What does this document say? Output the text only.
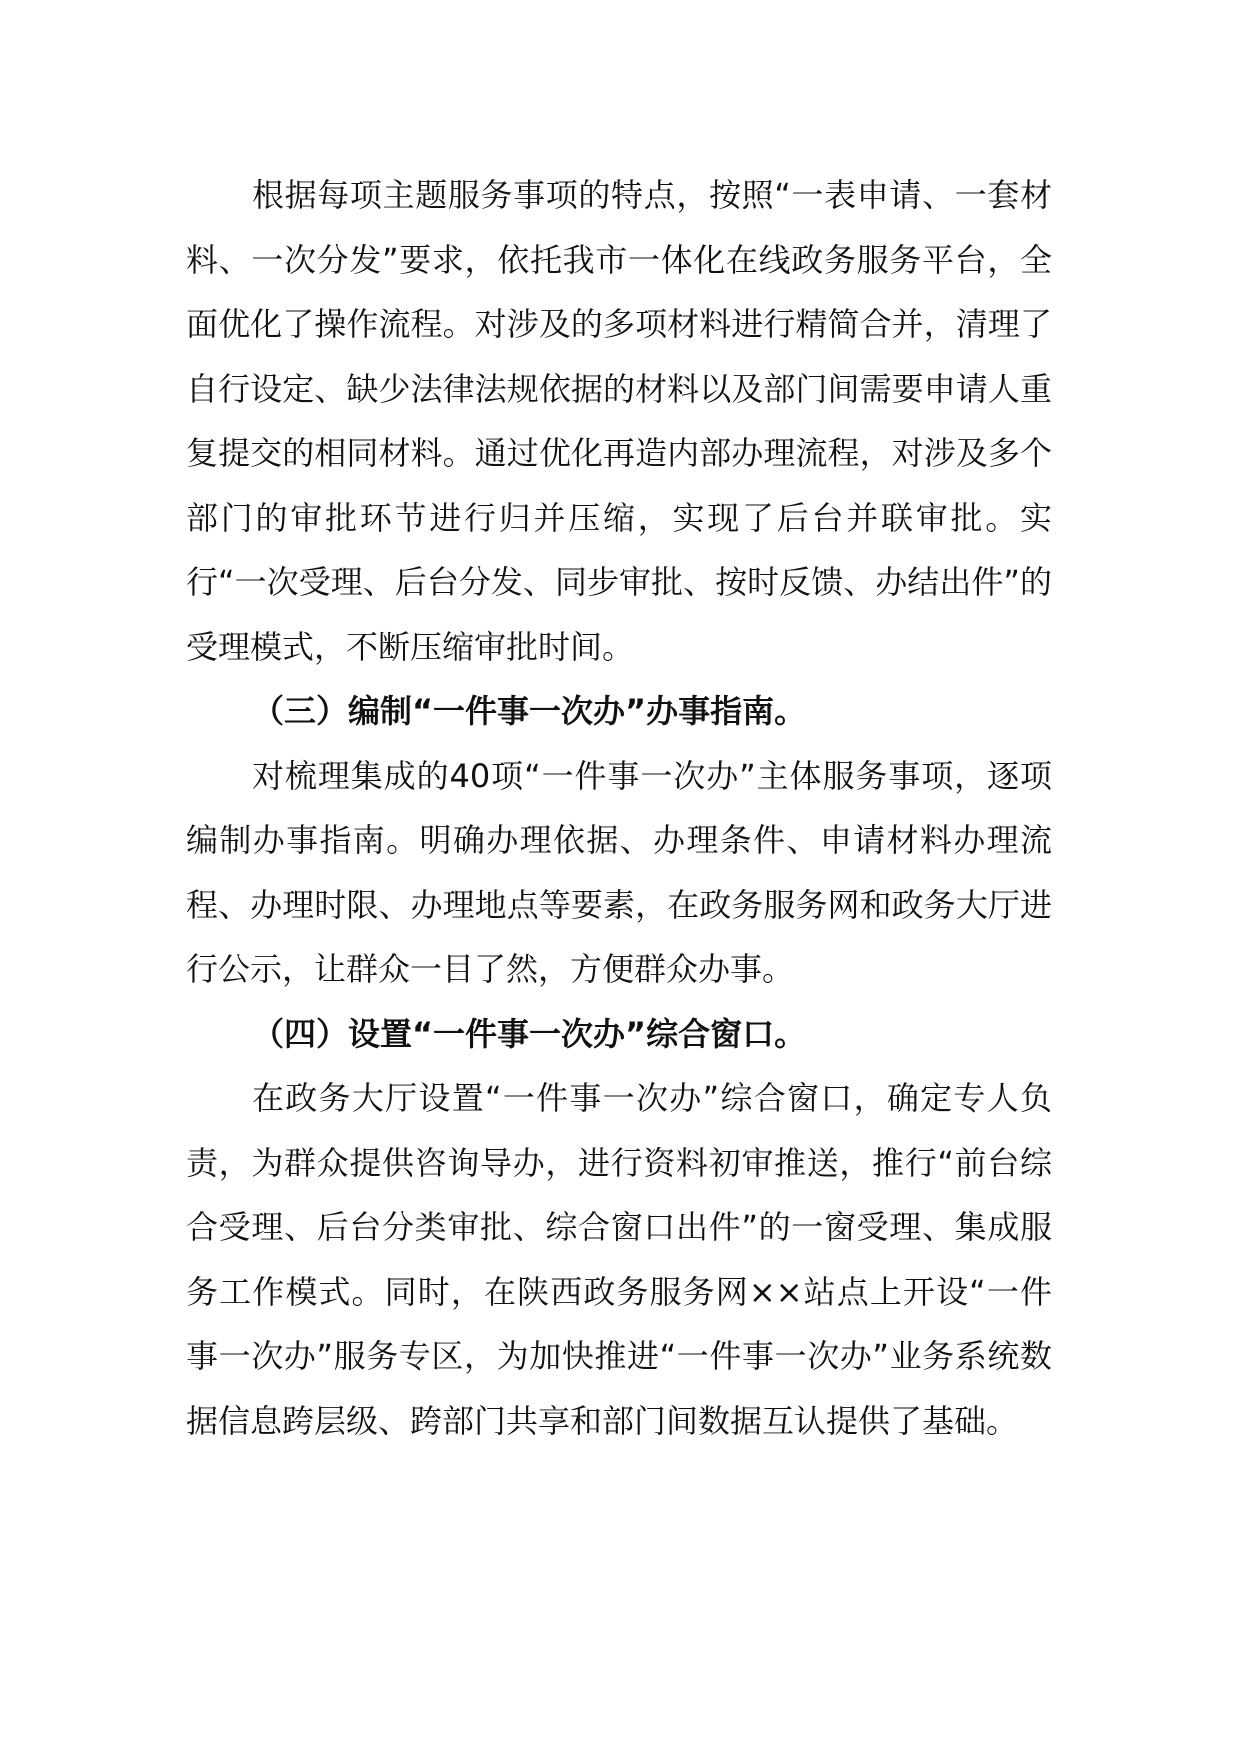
根据每项主题服务事项的特点，按照“一表申请、一套材料、一次分发”要求，依托我市一体化在线政务服务平台，全面优化了操作流程。对涉及的多项材料进行精简合并，清理了自行设定、缺少法律法规依据的材料以及部门间需要申请人重复提交的相同材料。通过优化再造内部办理流程，对涉及多个部门的审批环节进行归并压缩，实现了后台并联审批。实行“一次受理、后台分发、同步审批、按时反馈、办结出件”的受理模式，不断压缩审批时间。

（三）编制“一件事一次办”办事指南。

对梳理集成的40项“一件事一次办”主体服务事项，逐项编制办事指南。明确办理依据、办理条件、申请材料办理流程、办理时限、办理地点等要素，在政务服务网和政务大厅进行公示，让群众一目了然，方便群众办事。

（四）设置“一件事一次办”综合窗口。

在政务大厅设置“一件事一次办”综合窗口，确定专人负责，为群众提供咨询导办，进行资料初审推送，推行“前台综合受理、后台分类审批、综合窗口出件”的一窗受理、集成服务工作模式。同时，在陕西政务服务网××站点上开设“一件事一次办”服务专区，为加快推进“一件事一次办”业务系统数据信息跨层级、跨部门共享和部门间数据互认提供了基础。
